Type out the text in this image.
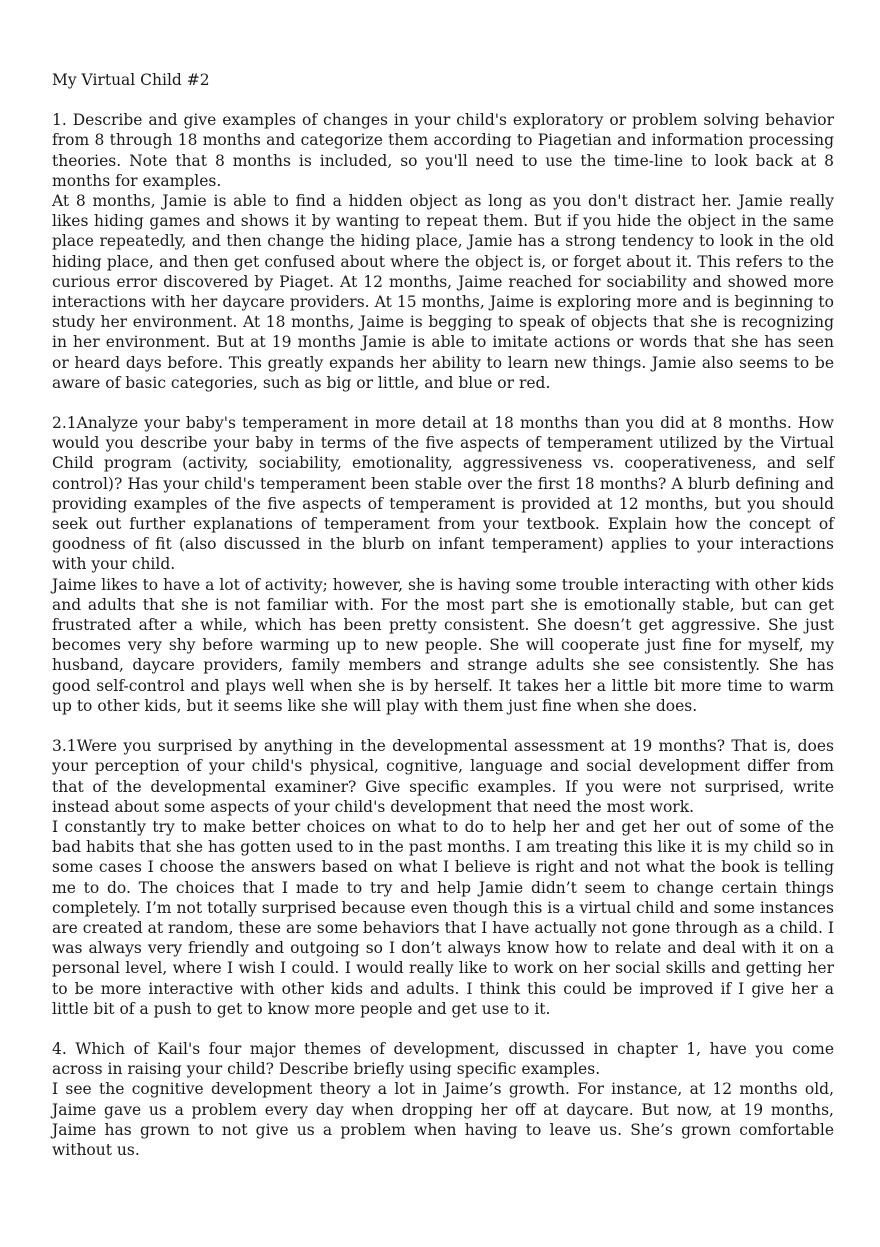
My Virtual Child #2

1. Describe and give examples of changes in your child's exploratory or problem solving behavior from 8 through 18 months and categorize them according to Piagetian and information processing theories. Note that 8 months is included, so you'll need to use the time-line to look back at 8 months for examples.
At 8 months, Jamie is able to find a hidden object as long as you don't distract her. Jamie really likes hiding games and shows it by wanting to repeat them. But if you hide the object in the same place repeatedly, and then change the hiding place, Jamie has a strong tendency to look in the old hiding place, and then get confused about where the object is, or forget about it. This refers to the curious error discovered by Piaget. At 12 months, Jaime reached for sociability and showed more interactions with her daycare providers. At 15 months, Jaime is exploring more and is beginning to study her environment. At 18 months, Jaime is begging to speak of objects that she is recognizing in her environment. But at 19 months Jamie is able to imitate actions or words that she has seen or heard days before. This greatly expands her ability to learn new things. Jamie also seems to be aware of basic categories, such as big or little, and blue or red.

2.1Analyze your baby's temperament in more detail at 18 months than you did at 8 months. How would you describe your baby in terms of the five aspects of temperament utilized by the Virtual Child program (activity, sociability, emotionality, aggressiveness vs. cooperativeness, and self control)? Has your child's temperament been stable over the first 18 months? A blurb defining and providing examples of the five aspects of temperament is provided at 12 months, but you should seek out further explanations of temperament from your textbook. Explain how the concept of goodness of fit (also discussed in the blurb on infant temperament) applies to your interactions with your child.
Jaime likes to have a lot of activity; however, she is having some trouble interacting with other kids and adults that she is not familiar with. For the most part she is emotionally stable, but can get frustrated after a while, which has been pretty consistent. She doesn’t get aggressive. She just becomes very shy before warming up to new people. She will cooperate just fine for myself, my husband, daycare providers, family members and strange adults she see consistently. She has good self-control and plays well when she is by herself. It takes her a little bit more time to warm up to other kids, but it seems like she will play with them just fine when she does.

3.1Were you surprised by anything in the developmental assessment at 19 months? That is, does your perception of your child's physical, cognitive, language and social development differ from that of the developmental examiner? Give specific examples. If you were not surprised, write instead about some aspects of your child's development that need the most work.
I constantly try to make better choices on what to do to help her and get her out of some of the bad habits that she has gotten used to in the past months. I am treating this like it is my child so in some cases I choose the answers based on what I believe is right and not what the book is telling me to do. The choices that I made to try and help Jamie didn’t seem to change certain things completely. I’m not totally surprised because even though this is a virtual child and some instances are created at random, these are some behaviors that I have actually not gone through as a child. I was always very friendly and outgoing so I don’t always know how to relate and deal with it on a personal level, where I wish I could. I would really like to work on her social skills and getting her to be more interactive with other kids and adults. I think this could be improved if I give her a little bit of a push to get to know more people and get use to it.

4. Which of Kail's four major themes of development, discussed in chapter 1, have you come across in raising your child? Describe briefly using specific examples.
I see the cognitive development theory a lot in Jaime’s growth. For instance, at 12 months old, Jaime gave us a problem every day when dropping her off at daycare. But now, at 19 months, Jaime has grown to not give us a problem when having to leave us. She’s grown comfortable without us.
